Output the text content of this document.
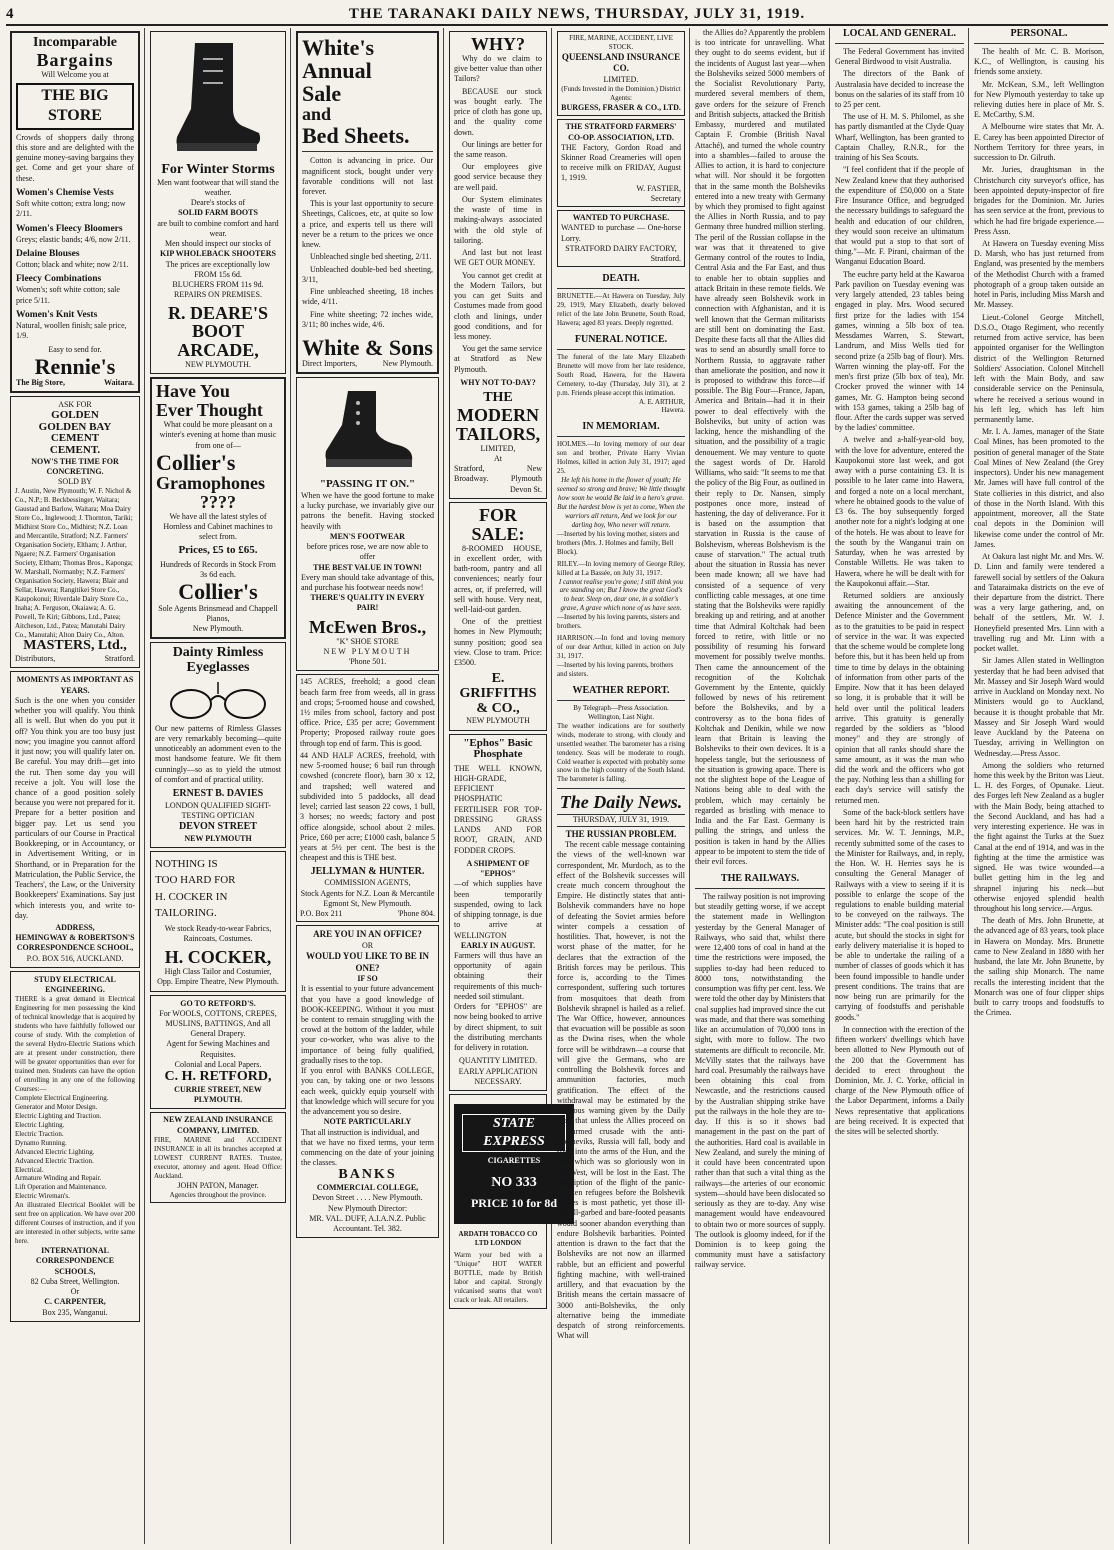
4	THE TARANAKI DAILY NEWS, THURSDAY, JULY 31, 1919.
Incomparable
Bargains
Will Welcome you at
THE BIG STORE
Crowds of shoppers daily throng this store and are delighted with the genuine money-saving bargains they get. Come and get your share of these.
Women's Chemise Vests
Soft white cotton; extra long; now 2/11.
Women's Fleecy Bloomers
Greys; elastic bands; 4/6, now 2/11.
Delaine Blouses
Cotton; black and white; now 2/11.
Fleecy Combinations
Women's; soft white cotton; sale price 5/11.
Women's Knit Vests
Natural, woollen finish; sale price, 1/9.
Easy to send for.
Rennie's
The Big Store,	Waitara.
ASK FOR
GOLDEN
GOLDEN BAY CEMENT
CEMENT.
NOW'S THE TIME FOR CONCRETING.
SOLD BY
J. Austin, New Plymouth; W. F. Nichol & Co., N.P.; B. Beckbessinger, Waitara; Gaustad and Barlow, Waitara; Moa Dairy Store Co., Inglewood; J. Thornton, Tariki; Midhirst Store Co., Midhirst; N.Z. Loan and Mercantile, Stratford; N.Z. Farmers' Organisation Society, Eltham; J. Arthur, Ngaere; N.Z. Farmers' Organisation Society, Eltham; Thomas Bros., Kaponga; W. Marshall, Normanby; N.Z. Farmers' Organisation Society, Hawera; Blair and Sellar, Hawera; Rangitikei Store Co., Kaupokonui; Riverdale Dairy Store Co., Inaha; A. Ferguson, Okaiawa; A. G. Powell, Te Kiri; Gibbons, Ltd., Patea; Aitcheson, Ltd., Patea; Manutahi Dairy Co., Manutahi; Alton Dairy Co., Alton.
MASTERS, Ltd.,
Distributors,	Stratford.
MOMENTS AS IMPORTANT AS YEARS.
Such is the one when you consider whether you will qualify. You think all is well. But when do you put it off? You think you are too busy just now; you imagine you cannot afford it just now; you will qualify later on. Be careful. You may drift—get into the rut. Then some day you will receive a jolt. You will lose the chance of a good position solely because you were not prepared for it. Prepare for a better position and bigger pay. Let us send you particulars of our Course in Practical Bookkeeping, or in Accountancy, or in Advertisement Writing, or in Shorthand, or in Preparation for the Matriculation, the Public Service, the Teachers', the Law, or the University Bookkeepers' Examinations. Say just which interests you, and write to-day.
ADDRESS,
HEMINGWAY & ROBERTSON'S CORRESPONDENCE SCHOOL,
P.O. BOX 516, AUCKLAND.
STUDY ELECTRICAL ENGINEERING.
THERE is a great demand in Electrical Engineering for men possessing the kind of technical knowledge that is acquired by students who have faithfully followed our course of study. With the completion of the several Hydro-Electric Stations which are at present under construction, there will be greater opportunities than ever for trained men. Students can have the option of enrolling in any one of the following Courses:—
Complete Electrical Engineering.
Generator and Motor Design.
Electric Lighting and Traction.
Electric Lighting.
Electric Traction.
Dynamo Running.
Advanced Electric Lighting.
Advanced Electric Traction.
Electrical.
Armature Winding and Repair.
Lift Operation and Maintenance.
Electric Wireman's.
An illustrated Electrical Booklet will be sent free on application. We have over 200 different Courses of instruction, and if you are interested in other subjects, write same here.
INTERNATIONAL CORRESPONDENCE SCHOOLS,
82 Cuba Street, Wellington.
Or
C. CARPENTER,
Box 235, Wanganui.
For Winter Storms
Men want footwear that will stand the weather.
Deare's stocks of
SOLID FARM BOOTS
are built to combine comfort and hard wear.
Men should inspect our stocks of
KIP WHOLEBACK SHOOTERS
The prices are exceptionally low
FROM 15s 6d.
BLUCHERS FROM 11s 9d.
REPAIRS ON PREMISES.
R. DEARE'S
BOOT
ARCADE,
NEW PLYMOUTH.
Have You
Ever Thought
What could be more pleasant on a winter's evening at home than music from one of—
Collier's
Gramophones
????
We have all the latest styles of Hornless and Cabinet machines to select from.
Prices, £5 to £65.
Hundreds of Records in Stock From 3s 6d each.
Collier's
Sole Agents Brinsmead and Chappell Pianos,
New Plymouth.
Dainty Rimless
Eyeglasses
Our new patterns of Rimless Glasses are very remarkably becoming—quite unnoticeably an adornment even to the most handsome feature. We fit them cunningly—so as to yield the utmost of comfort and of practical utility.
ERNEST B. DAVIES
LONDON QUALIFIED SIGHT-TESTING OPTICIAN
DEVON STREET
NEW PLYMOUTH
NOTHING IS
TOO HARD FOR
H. COCKER IN
TAILORING.
We stock Ready-to-wear Fabrics, Raincoats, Costumes.
H. COCKER,
High Class Tailor and Costumier,
Opp. Empire Theatre, New Plymouth.
GO TO RETFORD'S.
For WOOLS, COTTONS, CREPES, MUSLINS, BATTINGS, And all General Drapery.
Agent for Sewing Machines and Requisites.
Colonial and Local Papers.
C. H. RETFORD,
CURRIE STREET, NEW PLYMOUTH.
NEW ZEALAND INSURANCE COMPANY, LIMITED.
FIRE, MARINE and ACCIDENT INSURANCE in all its branches accepted at LOWEST CURRENT RATES. Trustee, executor, attorney and agent. Head Office: Auckland.
JOHN PATON, Manager.
Agencies throughout the province.
White's
Annual
Sale
and
Bed Sheets.
Cotton is advancing in price. Our magnificent stock, bought under very favorable conditions will not last forever.
This is your last opportunity to secure Sheetings, Calicoes, etc, at quite so low a price, and experts tell us there will never be a return to the prices we once knew.
Unbleached single bed sheeting, 2/11.
Unbleached double-bed bed sheeting, 3/11,
Fine unbleached sheeting, 18 inches wide, 4/11.
Fine white sheeting; 72 inches wide, 3/11; 80 inches wide, 4/6.
White & Sons
Direct Importers,	New Plymouth.
"PASSING IT ON."
When we have the good fortune to make a lucky purchase, we invariably give our patrons the benefit. Having stocked heavily with
MEN'S FOOTWEAR
before prices rose, we are now able to offer
THE BEST VALUE IN TOWN!
Every man should take advantage of this, and purchase his footwear needs now!
THERE'S QUALITY IN EVERY PAIR!
McEwen Bros.,
"K" SHOE STORE
NEW PLYMOUTH
'Phone 501.
145 ACRES, freehold; a good clean beach farm free from weeds, all in grass and crops; 5-roomed house and cowshed, 1½ miles from school, factory and post office. Price, £35 per acre; Government Property; Proposed railway route goes through top end of farm. This is good.
44 AND HALF ACRES, freehold, with new 5-roomed house; 6 bail run through cowshed (concrete floor), barn 30 x 12, and trapshed; well watered and subdivided into 5 paddocks, all dead level; carried last season 22 cows, 1 bull, 3 horses; no weeds; factory and post office alongside, school about 2 miles. Price, £60 per acre; £1000 cash, balance 5 years at 5½ per cent. The best is the cheapest and this is THE best.
JELLYMAN & HUNTER.
COMMISSION AGENTS,
Stock Agents for N.Z. Loan & Mercantile Egmont St, New Plymouth.
P.O. Box 211	'Phone 804.
ARE YOU IN AN OFFICE?
OR
WOULD YOU LIKE TO BE IN ONE?
IF SO
It is essential to your future advancement that you have a good knowledge of BOOK-KEEPING. Without it you must be content to remain struggling with the crowd at the bottom of the ladder, while your co-worker, who was alive to the importance of being fully qualified, gradually rises to the top.
If you enrol with BANKS COLLEGE, you can, by taking one or two lessons each week, quickly equip yourself with that knowledge which will secure for you the advancement you so desire.
NOTE PARTICULARLY
That all instruction is individual, and
that we have no fixed terms, your term commencing on the date of your joining the classes.
BANKS
COMMERCIAL COLLEGE,
Devon Street . . . . New Plymouth.
New Plymouth Director:
MR. VAL. DUFF, A.I.A.N.Z. Public Accountant. Tel. 382.
WHY?
Why do we claim to give better value than other Tailors?
BECAUSE our stock was bought early. The price of cloth has gone up, and the quality come down.
Our linings are better for the same reason.
Our employees give good service because they are well paid.
Our System eliminates the waste of time in making-always associated with the old style of tailoring.
And last but not least WE GET OUR MONEY.
You cannot get credit at the Modern Tailors, but you can get Suits and Costumes made from good cloth and linings, under good conditions, and for less money.
You get the same service at Stratford as New Plymouth.
WHY NOT TO-DAY?
THE
MODERN
TAILORS,
LIMITED,
At
Stratford, Broadway.
New Plymouth Devon St.
FOR SALE:
8-ROOMED HOUSE, in excellent order, with bath-room, pantry and all conveniences; nearly four acres, or, if preferred, will sell with house. Very neat, well-laid-out garden.
One of the prettiest homes in New Plymouth; sunny position; good sea view. Close to tram. Price: £3500.
E. GRIFFITHS & CO.,
NEW PLYMOUTH
"Ephos" Basic
Phosphate
THE WELL KNOWN, HIGH-GRADE, EFFICIENT PHOSPHATIC FERTILISER FOR TOP-DRESSING GRASS LANDS AND FOR ROOT, GRAIN, AND FODDER CROPS.
A SHIPMENT OF "EPHOS"
—of which supplies have been temporarily suspended, owing to lack of shipping tonnage, is due to arrive at WELLINGTON
EARLY IN AUGUST.
Farmers will thus have an opportunity of again obtaining their requirements of this much-needed soil stimulant.
Orders for "EPHOS" are now being booked to arrive by direct shipment, to suit the distributing merchants for delivery in rotation.
QUANTITY LIMITED. EARLY APPLICATION NECESSARY.
STATE EXPRESS
CIGARETTES
NO 333
PRICE 10 for 8d
ARDATH TOBACCO CO LTD LONDON
Warm your bed with a "Unique" HOT WATER BOTTLE, made by British labor and capital. Strongly vulcanised seams that won't crack or leak. All retailers.
FIRE, MARINE, ACCIDENT, LIVE STOCK.
QUEENSLAND INSURANCE CO.
LIMITED.
(Funds Invested in the Dominion.) District Agents:
BURGESS, FRASER & CO., LTD.
THE STRATFORD FARMERS' CO-OP. ASSOCIATION, LTD.
THE Factory, Gordon Road and Skinner Road Creameries will open to receive milk on FRIDAY, August 1, 1919.
W. FASTIER,
Secretary
WANTED TO PURCHASE.
WANTED to purchase — One-horse Lorry.
STRATFORD DAIRY FACTORY,
Stratford.
DEATH.
BRUNETTE.—At Hawera on Tuesday, July 29, 1919, Mary Elizabeth, dearly beloved relict of the late John Brunette, South Road, Hawera; aged 83 years. Deeply regretted.
FUNERAL NOTICE.
The funeral of the late Mary Elizabeth Brunette will move from her late residence, South Road, Hawera, for the Hawera Cemetery, to-day (Thursday, July 31), at 2 p.m. Friends please accept this intimation.
A. E. ARTHUR,
Hawera.
IN MEMORIAM.
HOLMES.—In loving memory of our dear son and brother, Private Harry Vivian Holmes, killed in action July 31, 1917; aged 25.
He left his home in the flower of youth; He seemed so strong and brave; We little thought how soon he would Be laid in a hero's grave. But the hardest blow is yet to come, When the warriors all return, And we look for our darling boy, Who never will return.
—Inserted by his loving mother, sisters and brothers (Mrs. J. Holmes and family, Bell Block).
RILEY.—In loving memory of George Riley, killed at La Bassée, on July 31, 1917.
I cannot realise you're gone; I still think you are standing on; But I know the great God's to bear. Sleep on, dear one, in a soldier's grave, A grave which none of us have seen.
—Inserted by his loving parents, sisters and brothers.
HARRISON.—In fond and loving memory of our dear Arthur, killed in action on July 31, 1917.
—Inserted by his loving parents, brothers and sisters.
WEATHER REPORT.
By Telegraph—Press Association. Wellington, Last Night.
The weather indications are for southerly winds, moderate to strong, with cloudy and unsettled weather. The barometer has a rising tendency. Seas will be moderate to rough. Cold weather is expected with probably some snow in the high country of the South Island. The barometer is falling.
The Daily News.
THURSDAY, JULY 31, 1919.
THE RUSSIAN PROBLEM.
The recent cable message containing the views of the well-known war correspondent, Mr. Murdoch, as to the effect of the Bolshevik successes will create much concern throughout the Empire. He distinctly states that anti-Bolshevik commanders have no hope of defeating the Soviet armies before winter compels a cessation of hostilities. That, however, is not the worst phase of the matter, for he declares that the extraction of the British forces may be perilous. This force is, according to the Times correspondent, suffering such tortures from mosquitoes that death from Bolshevik shrapnel is hailed as a relief. The War Office, however, announces that evacuation will be possible as soon as the Dwina rises, when the whole force will be withdrawn—a course that will give the Germans, who are controlling the Bolshevik forces and ammunition factories, much gratification. The effect of the withdrawal may be estimated by the ominous warning given by the Daily Mail that unless the Allies proceed on an armed crusade with the anti-Bolsheviks, Russia will fall, body and soul, into the arms of the Hun, and the war, which was so gloriously won in the West, will be lost in the East. The description of the flight of the panic-stricken refugees before the Bolshevik armies is most pathetic, yet those ill-fed, ill-garbed and bare-footed peasants would sooner abandon everything than endure Bolshevik barbarities. Pointed attention is drawn to the fact that the Bolsheviks are not now an illarmed rabble, but an efficient and powerful fighting machine, with well-trained artillery, and that evacuation by the British means the certain massacre of 3000 anti-Bolsheviks, the only alternative being the immediate despatch of strong reinforcements. What will
the Allies do? Apparently the problem is too intricate for unravelling. What they ought to do seems evident, but if the incidents of August last year—when the Bolsheviks seized 5000 members of the Socialist Revolutionary Party, murdered several members of them, gave orders for the seizure of French and British subjects, attacked the British Embassy, murdered and mutilated Captain F. Crombie (British Naval Attaché), and turned the whole country into a shambles—failed to arouse the Allies to action, it is hard to conjecture what will. Nor should it be forgotten that in the same month the Bolsheviks entered into a new treaty with Germany by which they promised to fight against the Allies in North Russia, and to pay Germany three hundred million sterling. The peril of the Russian collapse in the war was that it threatened to give Germany control of the routes to India, Central Asia and the Far East, and thus to enable her to obtain supplies and attack Britain in these remote fields. We have already seen Bolshevik work in connection with Afghanistan, and it is well known that the German militarists are still bent on dominating the East. Despite these facts all that the Allies did was to send an absurdly small force to Northern Russia, to aggravate rather than ameliorate the position, and now it is proposed to withdraw this force—if possible. The Big Four—France, Japan, America and Britain—had it in their power to deal effectively with the Bolsheviks, but unity of action was lacking, hence the mishandling of the situation, and the possibility of a tragic denouement. We may venture to quote the sagest words of Dr. Harold Williams, who said: "It seems to me that the policy of the Big Four, as outlined in their reply to Dr. Nansen, simply postpones once more, instead of hastening, the day of deliverance. For it is based on the assumption that starvation in Russia is the cause of Bolshevism, whereas Bolshevism is the cause of starvation." The actual truth about the situation in Russia has never been made known; all we have had consisted of a sequence of very conflicting cable messages, at one time stating that the Bolsheviks were rapidly breaking up and retiring, and at another time that Admiral Koltchak had been forced to retire, with little or no possibility of resuming his forward movement for possibly twelve months. Then came the announcement of the recognition of the Koltchak Government by the Entente, quickly followed by news of his retirement before the Bolsheviks, and by a controversy as to the bona fides of Koltchak and Denikin, while we now learn that Britain is leaving the Bolsheviks to their own devices. It is a hopeless tangle, but the seriousness of the situation is growing apace. There is not the slightest hope of the League of Nations being able to deal with the problem, which may certainly be regarded as bristling with menace to India and the Far East. Germany is pulling the strings, and unless the position is taken in hand by the Allies appear to be impotent to stem the tide of their evil forces.
THE RAILWAYS.
The railway position is not improving but steadily getting worse, if we accept the statement made in Wellington yesterday by the General Manager of Railways, who said that, whilst there were 12,400 tons of coal in hand at the time the restrictions were imposed, the supplies to-day had been reduced to 8000 tons, notwithstanding the consumption was fifty per cent. less. We were told the other day by Ministers that coal supplies had improved since the cut was made, and that there was something like an accumulation of 70,000 tons in sight, with more to follow. The two statements are difficult to reconcile. Mr. McVilly states that the railways have hard coal. Presumably the railways have been obtaining this coal from Newcastle, and the restrictions caused by the Australian shipping strike have put the railways in the hole they are to-day. If this is so it shows bad management in the past on the part of the authorities. Hard coal is available in New Zealand, and surely the mining of it could have been concentrated upon rather than that such a vital thing as the railways—the arteries of our economic system—should have been dislocated so seriously as they are to-day. Any wise management would have endeavoured to obtain two or more sources of supply. The outlook is gloomy indeed, for if the Dominion is to keep going the community must have a satisfactory railway service.
LOCAL AND GENERAL.
The Federal Government has invited General Birdwood to visit Australia.
The directors of the Bank of Australasia have decided to increase the bonus on the salaries of its staff from 10 to 25 per cent.
The use of H. M. S. Philomel, as she has partly dismantled at the Clyde Quay Wharf, Wellington, has been granted to Captain Challey, R.N.R., for the training of his Sea Scouts.
"I feel confident that if the people of New Zealand knew that they authorised the expenditure of £50,000 on a State Fire Insurance Office, and begrudged the necessary buildings to safeguard the health and education of our children, they would soon receive an ultimatum that would put a stop to that sort of thing."—Mr. F. Pirani, chairman of the Wanganui Education Board.
The euchre party held at the Kawaroa Park pavilion on Tuesday evening was very largely attended, 23 tables being engaged in play. Mrs. Wood secured first prize for the ladies with 154 games, winning a 5lb box of tea. Messdames Warren, S. Stewart, Landrum, and Miss Wells tied for second prize (a 25lb bag of flour). Mrs. Warren winning the play-off. For the men's first prize (5lb box of tea), Mr. Crocker proved the winner with 14 games, Mr. G. Hampton being second with 153 games, taking a 25lb bag of flour. After the cards supper was served by the ladies' committee.
A twelve and a-half-year-old boy, with the love for adventure, entered the Kaupokonui store last week, and got away with a purse containing £3. It is possible to he later came into Hawera, and forged a note on a local merchant, where he obtained goods to the value of £3 6s. The boy subsequently forged another note for a night's lodging at one of the hotels. He was about to leave for the south by the Wanganui train on Saturday, when he was arrested by Constable Willetts. He was taken to Hawera, where he will be dealt with for the Kaupokonui affair.—Star.
Returned soldiers are anxiously awaiting the announcement of the Defence Minister and the Government as to the gratuities to be paid in respect of service in the war. It was expected that the scheme would be complete long before this, but it has been held up from time to time by delays in the obtaining of information from other parts of the Empire. Now that it has been delayed so long, it is probable that it will be held over until the political leaders arrive. This gratuity is generally regarded by the soldiers as "blood money" and they are strongly of opinion that all ranks should share the same amount, as it was the man who did the work and the officers who got the pay. Nothing less than a shilling for each day's service will satisfy the returned men.
Some of the back-block settlers have been hard hit by the restricted train services. Mr. W. T. Jennings, M.P., recently submitted some of the cases to the Minister for Railways, and, in reply, the Hon. W. H. Herries says he is consulting the General Manager of Railways with a view to seeing if it is possible to enlarge the scope of the regulations to enable building material to be conveyed on the railways. The Minister adds: "The coal position is still acute, but should the stocks in sight for early delivery materialise it is hoped to be able to undertake the railing of a number of classes of goods which it has been found impossible to handle under present conditions. The trains that are now being run are primarily for the carrying of foodstuffs and perishable goods."
In connection with the erection of the fifteen workers' dwellings which have been allotted to New Plymouth out of the 200 that the Government has decided to erect throughout the Dominion, Mr. J. C. Yorke, official in charge of the New Plymouth office of the Labor Department, informs a Daily News representative that applications are being received. It is expected that the sites will be selected shortly.
PERSONAL.
The health of Mr. C. B. Morison, K.C., of Wellington, is causing his friends some anxiety.
Mr. McKean, S.M., left Wellington for New Plymouth yesterday to take up relieving duties here in place of Mr. S. E. McCarthy, S.M.
A Melbourne wire states that Mr. A. E. Carey has been appointed Director of Northern Territory for three years, in succession to Dr. Gilruth.
Mr. Juries, draughtsman in the Christchurch city surveyor's office, has been appointed deputy-inspector of fire brigades for the Dominion. Mr. Juries has seen service at the front, previous to which he had fire brigade experience.—Press Assn.
At Hawera on Tuesday evening Miss D. Marsh, who has just returned from England, was presented by the members of the Methodist Church with a framed photograph of a group taken outside an hotel in Paris, including Miss Marsh and Mr. Massey.
Lieut.-Colonel George Mitchell, D.S.O., Otago Regiment, who recently returned from active service, has been appointed organiser for the Wellington district of the Wellington Returned Soldiers' Association. Colonel Mitchell left with the Main Body, and saw considerable service on the Peninsula, where he received a serious wound in his left leg, which has left him permanently lame.
Mr. I. A. James, manager of the State Coal Mines, has been promoted to the position of general manager of the State Coal Mines of New Zealand (the Grey inspectors). Under his new management Mr. James will have full control of the State collieries in this district, and also of those in the North Island. With this appointment, moreover, all the State coal depots in the Dominion will likewise come under the control of Mr. James.
At Oakura last night Mr. and Mrs. W. D. Linn and family were tendered a farewell social by settlers of the Oakura and Tataraimaka districts on the eve of their departure from the district. There was a very large gathering, and, on behalf of the settlers, Mr. W. J. Honeyfield presented Mrs. Linn with a travelling rug and Mr. Linn with a pocket wallet.
Sir James Allen stated in Wellington yesterday that he had been advised that Mr. Massey and Sir Joseph Ward would arrive in Auckland on Monday next. No Ministers would go to Auckland, because it is thought probable that Mr. Massey and Sir Joseph Ward would leave Auckland by the Pateena on Tuesday, arriving in Wellington on Wednesday.—Press Assoc.
Among the soldiers who returned home this week by the Briton was Lieut. L. H. des Forges, of Opunake. Lieut. des Forges left New Zealand as a bugler with the Main Body, being attached to the Second Auckland, and has had a very interesting experience. He was in the fight against the Turks at the Suez Canal at the end of 1914, and was in the fighting at the time the armistice was signed. He was twice wounded—a bullet getting him in the leg and shrapnel injuring his neck—but otherwise enjoyed splendid health throughout his long service.—Argus.
The death of Mrs. John Brunette, at the advanced age of 83 years, took place in Hawera on Monday. Mrs. Brunette came to New Zealand in 1880 with her husband, the late Mr. John Brunette, by the sailing ship Monarch. The name recalls the interesting incident that the Monarch was one of four clipper ships built to carry troops and foodstuffs to the Crimea.
